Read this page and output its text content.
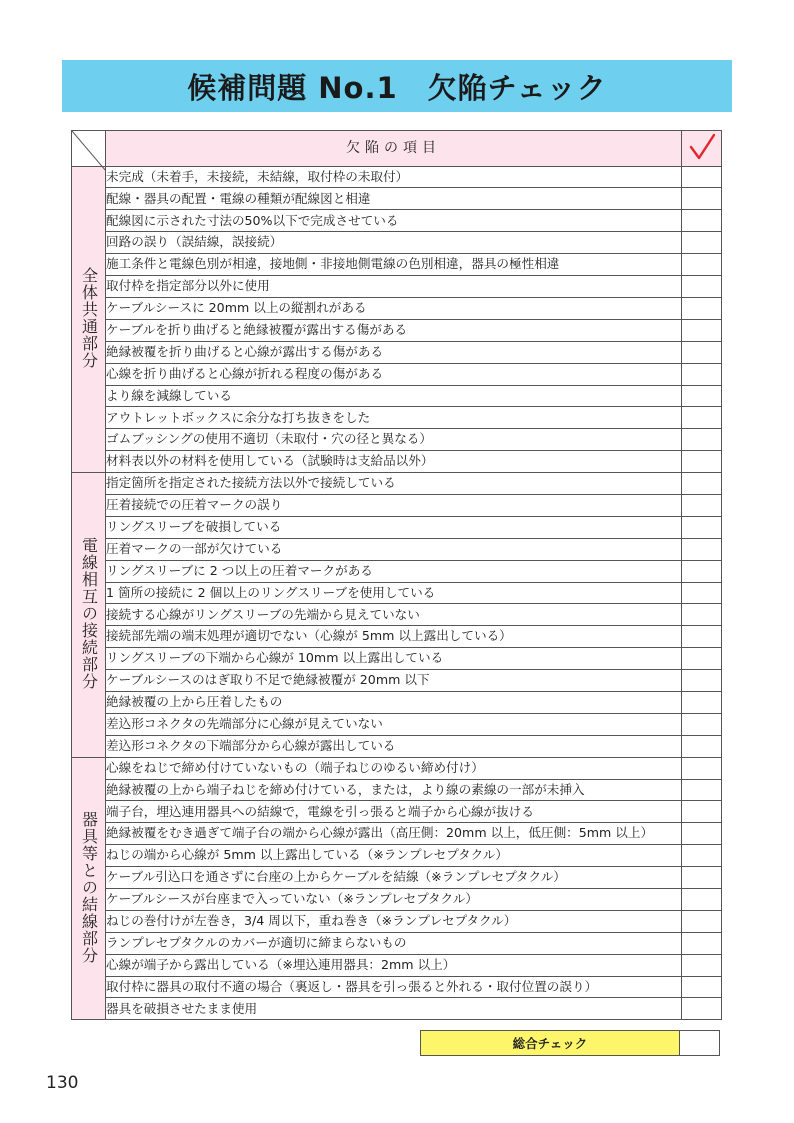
候補問題 No.1　欠陥チェック
	欠陥の項目	
全体共通部分	未完成（未着手，未接続，未結線，取付枠の未取付）	
	配線・器具の配置・電線の種類が配線図と相違	
	配線図に示された寸法の50%以下で完成させている	
	回路の誤り（誤結線，誤接続）	
	施工条件と電線色別が相違，接地側・非接地側電線の色別相違，器具の極性相違	
	取付枠を指定部分以外に使用	
	ケーブルシースに 20mm 以上の縦割れがある	
	ケーブルを折り曲げると絶縁被覆が露出する傷がある	
	絶縁被覆を折り曲げると心線が露出する傷がある	
	心線を折り曲げると心線が折れる程度の傷がある	
	より線を減線している	
	アウトレットボックスに余分な打ち抜きをした	
	ゴムブッシングの使用不適切（未取付・穴の径と異なる）	
	材料表以外の材料を使用している（試験時は支給品以外）	
電線相互の接続部分	指定箇所を指定された接続方法以外で接続している	
	圧着接続での圧着マークの誤り	
	リングスリーブを破損している	
	圧着マークの一部が欠けている	
	リングスリーブに 2 つ以上の圧着マークがある	
	1 箇所の接続に 2 個以上のリングスリーブを使用している	
	接続する心線がリングスリーブの先端から見えていない	
	接続部先端の端末処理が適切でない（心線が 5mm 以上露出している）	
	リングスリーブの下端から心線が 10mm 以上露出している	
	ケーブルシースのはぎ取り不足で絶縁被覆が 20mm 以下	
	絶縁被覆の上から圧着したもの	
	差込形コネクタの先端部分に心線が見えていない	
	差込形コネクタの下端部分から心線が露出している	
器具等との結線部分	心線をねじで締め付けていないもの（端子ねじのゆるい締め付け）	
	絶縁被覆の上から端子ねじを締め付けている，または，より線の素線の一部が未挿入	
	端子台，埋込連用器具への結線で，電線を引っ張ると端子から心線が抜ける	
	絶縁被覆をむき過ぎて端子台の端から心線が露出（高圧側：20mm 以上，低圧側：5mm 以上）	
	ねじの端から心線が 5mm 以上露出している（※ランプレセプタクル）	
	ケーブル引込口を通さずに台座の上からケーブルを結線（※ランプレセプタクル）	
	ケーブルシースが台座まで入っていない（※ランプレセプタクル）	
	ねじの巻付けが左巻き，3/4 周以下，重ね巻き（※ランプレセプタクル）	
	ランプレセプタクルのカバーが適切に締まらないもの	
	心線が端子から露出している（※埋込連用器具：2mm 以上）	
	取付枠に器具の取付不適の場合（裏返し・器具を引っ張ると外れる・取付位置の誤り）	
	器具を破損させたまま使用	
総合チェック
130
